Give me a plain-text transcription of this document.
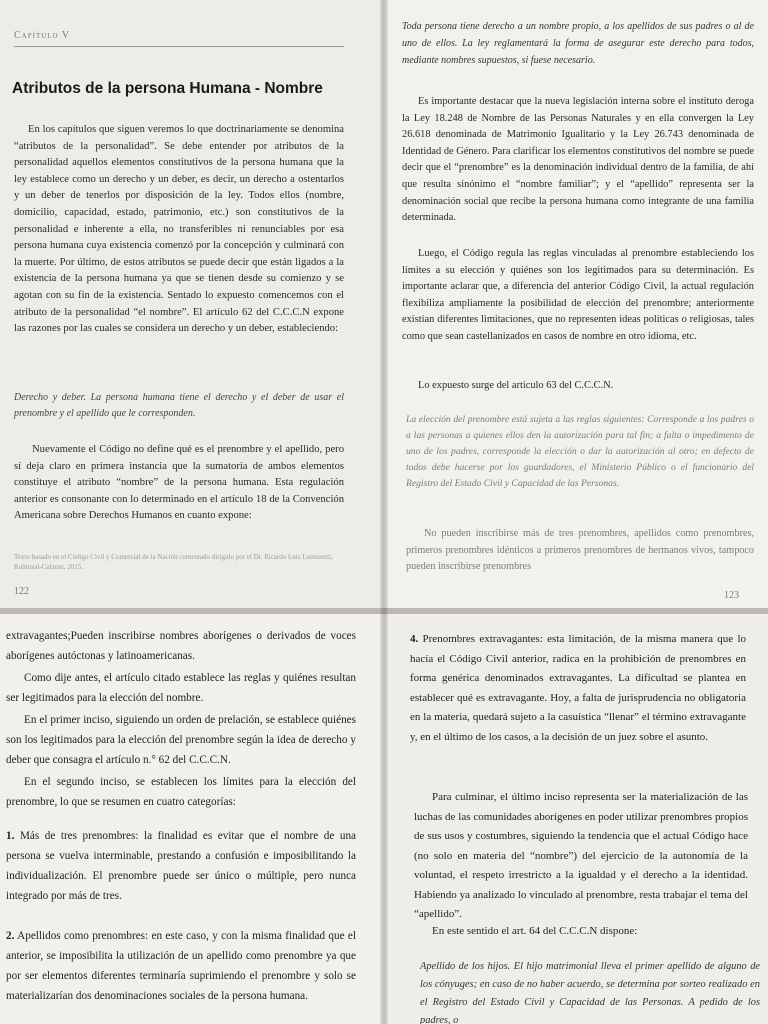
Capítulo V
Atributos de la persona Humana - Nombre

En los capítulos que siguen veremos lo que doctrinariamente se denomina “atributos de la personalidad”. Se debe entender por atributos de la personalidad aquellos elementos constitutivos de la persona humana que la ley establece como un derecho y un deber, es decir, un derecho a ostentarlos y un deber de tenerlos por disposición de la ley. Todos ellos (nombre, domicilio, capacidad, estado, patrimonio, etc.) son constitutivos de la personalidad e inherente a ella, no transferibles ni renunciables por esa persona humana cuya existencia comenzó por la concepción y culminará con la muerte. Por último, de estos atributos se puede decir que están ligados a la existencia de la persona humana ya que se tienen desde su comienzo y se agotan con su fin de la existencia. Sentado lo expuesto comencemos con el atributo de la personalidad “el nombre”. El artículo 62 del C.C.C.N expone las razones por las cuales se considera un derecho y un deber, estableciendo:

Derecho y deber. La persona humana tiene el derecho y el deber de usar el prenombre y el apellido que le corresponden.

Nuevamente el Código no define qué es el prenombre y el apellido, pero sí deja claro en primera instancia que la sumatoria de ambos elementos constituye el atributo “nombre” de la persona humana. Esta regulación anterior es consonante con lo determinado en el artículo 18 de la Convención Americana sobre Derechos Humanos en cuanto expone:

Texto basado en el Código Civil y Comercial de la Nación comentado dirigido por el Dr. Ricardo Luis Lorenzetti, Rubinzal-Culzoni, 2015.
122

Toda persona tiene derecho a un nombre propio, a los apellidos de sus padres o al de uno de ellos. La ley reglamentará la forma de asegurar este derecho para todos, mediante nombres supuestos, si fuese necesario.

Es importante destacar que la nueva legislación interna sobre el instituto deroga la Ley 18.248 de Nombre de las Personas Naturales y en ella convergen la Ley 26.618 denominada de Matrimonio Igualitario y la Ley 26.743 denominada de Identidad de Género. Para clarificar los elementos constitutivos del nombre se puede decir que el “prenombre” es la denominación individual dentro de la familia, de ahí que resulta sinónimo el “nombre familiar”; y el “apellido” representa ser la denominación social que recibe la persona humana como integrante de una familia determinada.

Luego, el Código regula las reglas vinculadas al prenombre estableciendo los límites a su elección y quiénes son los legitimados para su determinación. Es importante aclarar que, a diferencia del anterior Código Civil, la actual regulación flexibiliza ampliamente la posibilidad de elección del prenombre; anteriormente existían diferentes limitaciones, que no representen ideas políticas o religiosas, tales como que sean castellanizados en casos de nombre en otro idioma, etc.

Lo expuesto surge del artículo 63 del C.C.C.N.

La elección del prenombre está sujeta a las reglas siguientes: Corresponde a los padres o a las personas a quienes ellos den la autorización para tal fin; a falta o impedimento de uno de los padres, corresponde la elección o dar la autorización al otro; en defecto de todos debe hacerse por los guardadores, el Ministerio Público o el funcionario del Registro del Estado Civil y Capacidad de las Personas.

No pueden inscribirse más de tres prenombres, apellidos como prenombres, primeros prenombres idénticos a primeros prenombres de hermanos vivos, tampoco pueden inscribirse prenombres

123

extravagantes;Pueden inscribirse nombres aborígenes o derivados de voces aborígenes autóctonas y latinoamericanas.

Como dije antes, el artículo citado establece las reglas y quiénes resultan ser legitimados para la elección del nombre.

En el primer inciso, siguiendo un orden de prelación, se establece quiénes son los legitimados para la elección del prenombre según la idea de derecho y deber que consagra el artículo n.° 62 del C.C.C.N.

En el segundo inciso, se establecen los límites para la elección del prenombre, lo que se resumen en cuatro categorías:

1. Más de tres prenombres: la finalidad es evitar que el nombre de una persona se vuelva interminable, prestando a confusión e imposibilitando la individualización. El prenombre puede ser único o múltiple, pero nunca integrado por más de tres.

2. Apellidos como prenombres: en este caso, y con la misma finalidad que el anterior, se imposibilita la utilización de un apellido como prenombre ya que por ser elementos diferentes terminaría suprimiendo el prenombre y solo se materializarían dos denominaciones sociales de la persona humana.

4. Prenombres extravagantes: esta limitación, de la misma manera que lo hacía el Código Civil anterior, radica en la prohibición de prenombres en forma genérica denominados extravagantes. La dificultad se plantea en establecer qué es extravagante. Hoy, a falta de jurisprudencia no obligatoria en la materia, quedará sujeto a la casuística “llenar” el término extravagante y, en el último de los casos, a la decisión de un juez sobre el asunto.

Para culminar, el último inciso representa ser la materialización de las luchas de las comunidades aborígenes en poder utilizar prenombres propios de sus usos y costumbres, siguiendo la tendencia que el actual Código hace (no solo en materia del “nombre”) del ejercicio de la autonomía de la voluntad, el respeto irrestricto a la igualdad y el derecho a la identidad. Habiendo ya analizado lo vinculado al prenombre, resta trabajar el tema del “apellido”.

En este sentido el art. 64 del C.C.C.N dispone:

Apellido de los hijos. El hijo matrimonial lleva el primer apellido de alguno de los cónyuges; en caso de no haber acuerdo, se determina por sorteo realizado en el Registro del Estado Civil y Capacidad de las Personas. A pedido de los padres, o
